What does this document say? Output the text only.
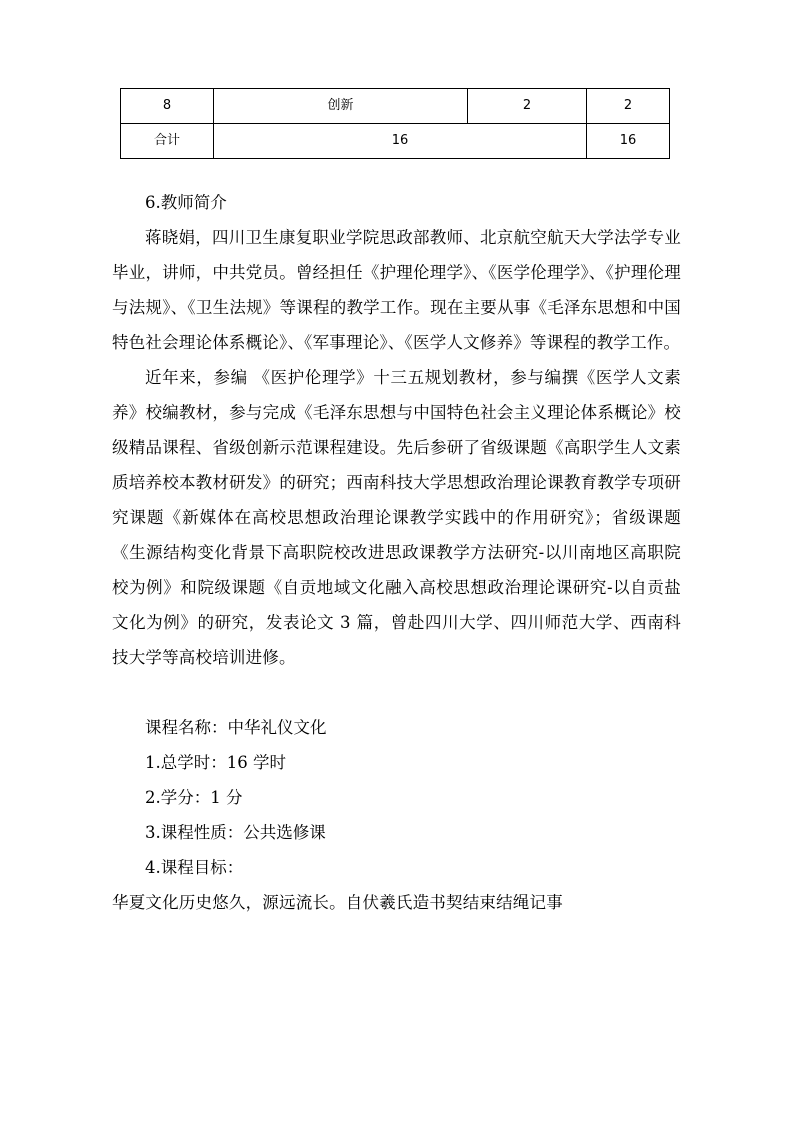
8	创新	2	2
合计	16		16

6.教师简介

蒋晓娟，四川卫生康复职业学院思政部教师、北京航空航天大学法学专业毕业，讲师，中共党员。曾经担任《护理伦理学》、《医学伦理学》、《护理伦理与法规》、《卫生法规》等课程的教学工作。现在主要从事《毛泽东思想和中国特色社会理论体系概论》、《军事理论》、《医学人文修养》等课程的教学工作。

近年来，参编 《医护伦理学》十三五规划教材，参与编撰《医学人文素养》校编教材，参与完成《毛泽东思想与中国特色社会主义理论体系概论》校级精品课程、省级创新示范课程建设。先后参研了省级课题《高职学生人文素质培养校本教材研发》的研究；西南科技大学思想政治理论课教育教学专项研究课题《新媒体在高校思想政治理论课教学实践中的作用研究》；省级课题《生源结构变化背景下高职院校改进思政课教学方法研究-以川南地区高职院校为例》和院级课题《自贡地域文化融入高校思想政治理论课研究-以自贡盐文化为例》的研究，发表论文 3 篇，曾赴四川大学、四川师范大学、西南科技大学等高校培训进修。

课程名称：中华礼仪文化

1.总学时：16 学时

2.学分：1 分

3.课程性质：公共选修课

4.课程目标：

华夏文化历史悠久，源远流长。自伏羲氏造书契结束结绳记事
